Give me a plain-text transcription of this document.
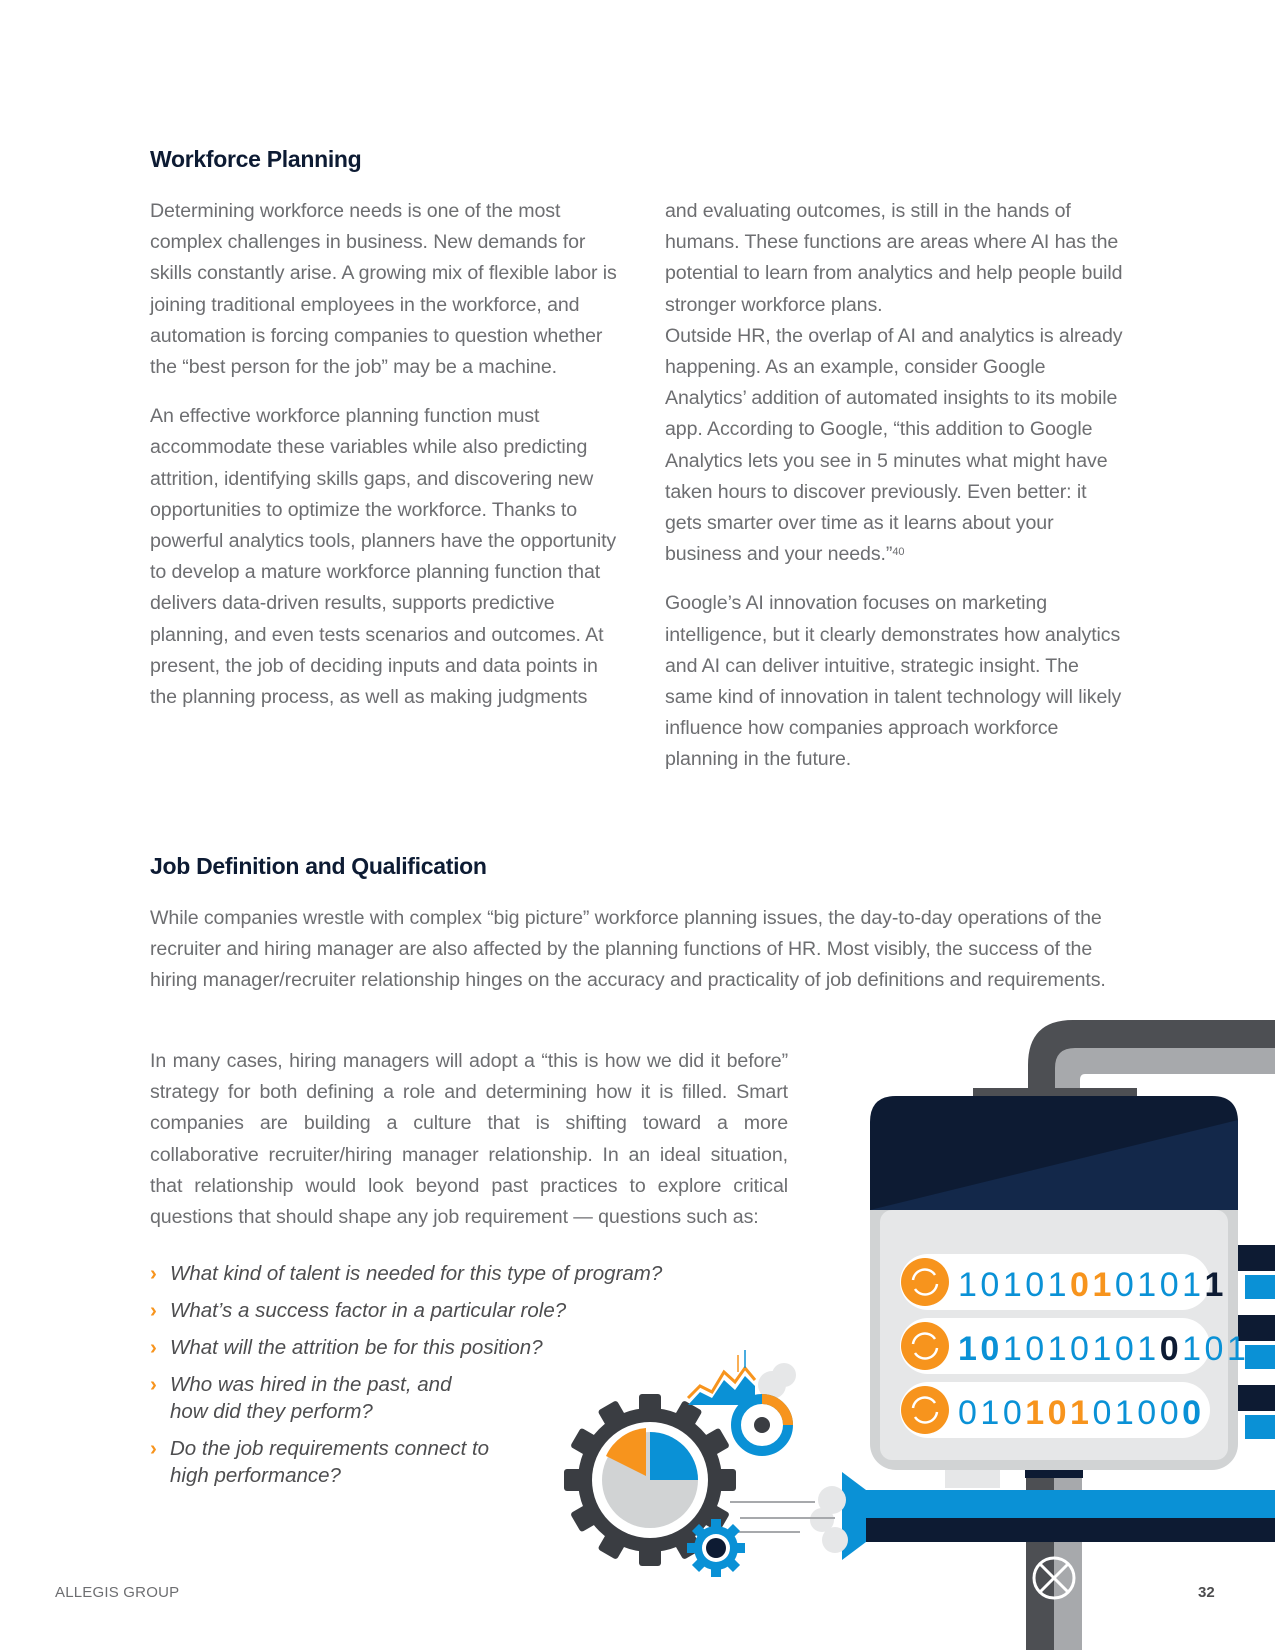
Workforce Planning

Determining workforce needs is one of the most complex challenges in business. New demands for skills constantly arise. A growing mix of flexible labor is joining traditional employees in the workforce, and automation is forcing companies to question whether the “best person for the job” may be a machine.

An effective workforce planning function must accommodate these variables while also predicting attrition, identifying skills gaps, and discovering new opportunities to optimize the workforce. Thanks to powerful analytics tools, planners have the opportunity to develop a mature workforce planning function that delivers data-driven results, supports predictive planning, and even tests scenarios and outcomes. At present, the job of deciding inputs and data points in the planning process, as well as making judgments

and evaluating outcomes, is still in the hands of humans. These functions are areas where AI has the potential to learn from analytics and help people build stronger workforce plans.

Outside HR, the overlap of AI and analytics is already happening. As an example, consider Google Analytics’ addition of automated insights to its mobile app. According to Google, “this addition to Google Analytics lets you see in 5 minutes what might have taken hours to discover previously. Even better: it gets smarter over time as it learns about your business and your needs.”$^{40}$

Google’s AI innovation focuses on marketing intelligence, but it clearly demonstrates how analytics and AI can deliver intuitive, strategic insight. The same kind of innovation in talent technology will likely influence how companies approach workforce planning in the future.

Job Definition and Qualification

While companies wrestle with complex “big picture” workforce planning issues, the day-to-day operations of the recruiter and hiring manager are also affected by the planning functions of HR. Most visibly, the success of the hiring manager/recruiter relationship hinges on the accuracy and practicality of job definitions and requirements.

In many cases, hiring managers will adopt a “this is how we did it before” strategy for both defining a role and determining how it is filled. Smart companies are building a culture that is shifting toward a more collaborative recruiter/hiring manager relationship. In an ideal situation, that relationship would look beyond past practices to explore critical questions that should shape any job requirement — questions such as:

› What kind of talent is needed for this type of program?
› What’s a success factor in a particular role?
› What will the attrition be for this position?
› Who was hired in the past, and how did they perform?
› Do the job requirements connect to high performance?
101010101011
1010101010101
01010101000
ALLEGIS GROUP	32
